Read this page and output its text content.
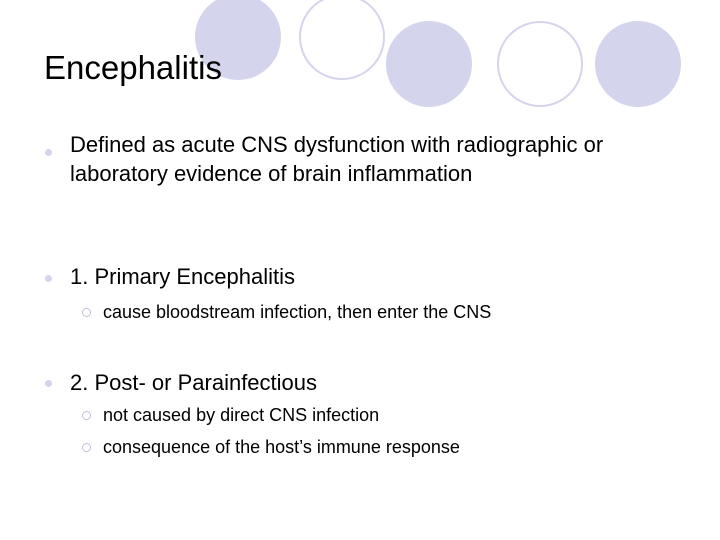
Encephalitis
Defined as acute CNS dysfunction with radiographic or laboratory evidence of brain inflammation
1. Primary Encephalitis
cause bloodstream infection, then enter the CNS
2. Post- or Parainfectious
not caused by direct CNS infection
consequence of the host’s immune response
